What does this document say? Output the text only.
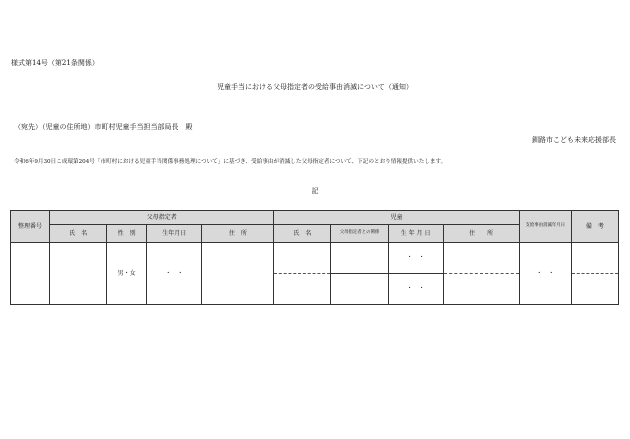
様式第14号（第21条関係）
児童手当における父母指定者の受給事由消滅について（通知）
（宛先）（児童の住所地）市町村児童手当担当部局長　殿
釧路市こども未来応援部長
令和6年9月30日こ成環第204号「市町村における児童手当関係事務処理について」に基づき、受給事由が消滅した父母指定者について、下記のとおり情報提供いたします。
記
整理番号	父母指定者				児童				支給事由消滅年月日	備　考
	氏　名	性　別	生年月日	住　所	氏　名	父母指定者との関係	生 年 月 日	住　　所		
		男・女	・　・				・　・		・　・	
							・　・			
